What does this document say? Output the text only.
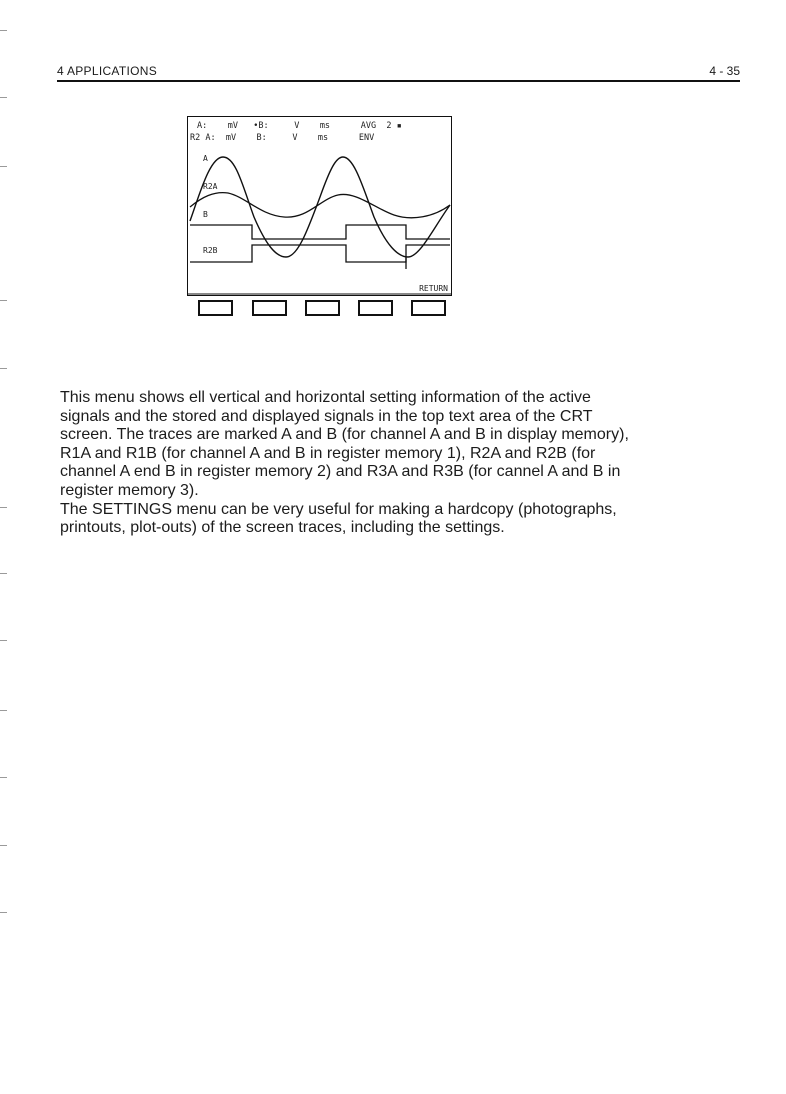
4 APPLICATIONS	4 - 35
A:    mV   •B:     V    ms      AVG  2 ▪
R2 A:  mV    B:     V    ms      ENV
A
R2A
B
R2B
RETURN

This menu shows ell vertical and horizontal setting information of the active

signals and the stored and displayed signals in the top text area of the CRT

screen. The traces are marked A and B (for channel A and B in display memory),

R1A and R1B (for channel A and B in register memory 1), R2A and R2B (for

channel A end B in register memory 2) and R3A and R3B (for cannel A and B in

register memory 3).

The SETTINGS menu can be very useful for making a hardcopy (photographs,

printouts, plot-outs) of the screen traces, including the settings.
